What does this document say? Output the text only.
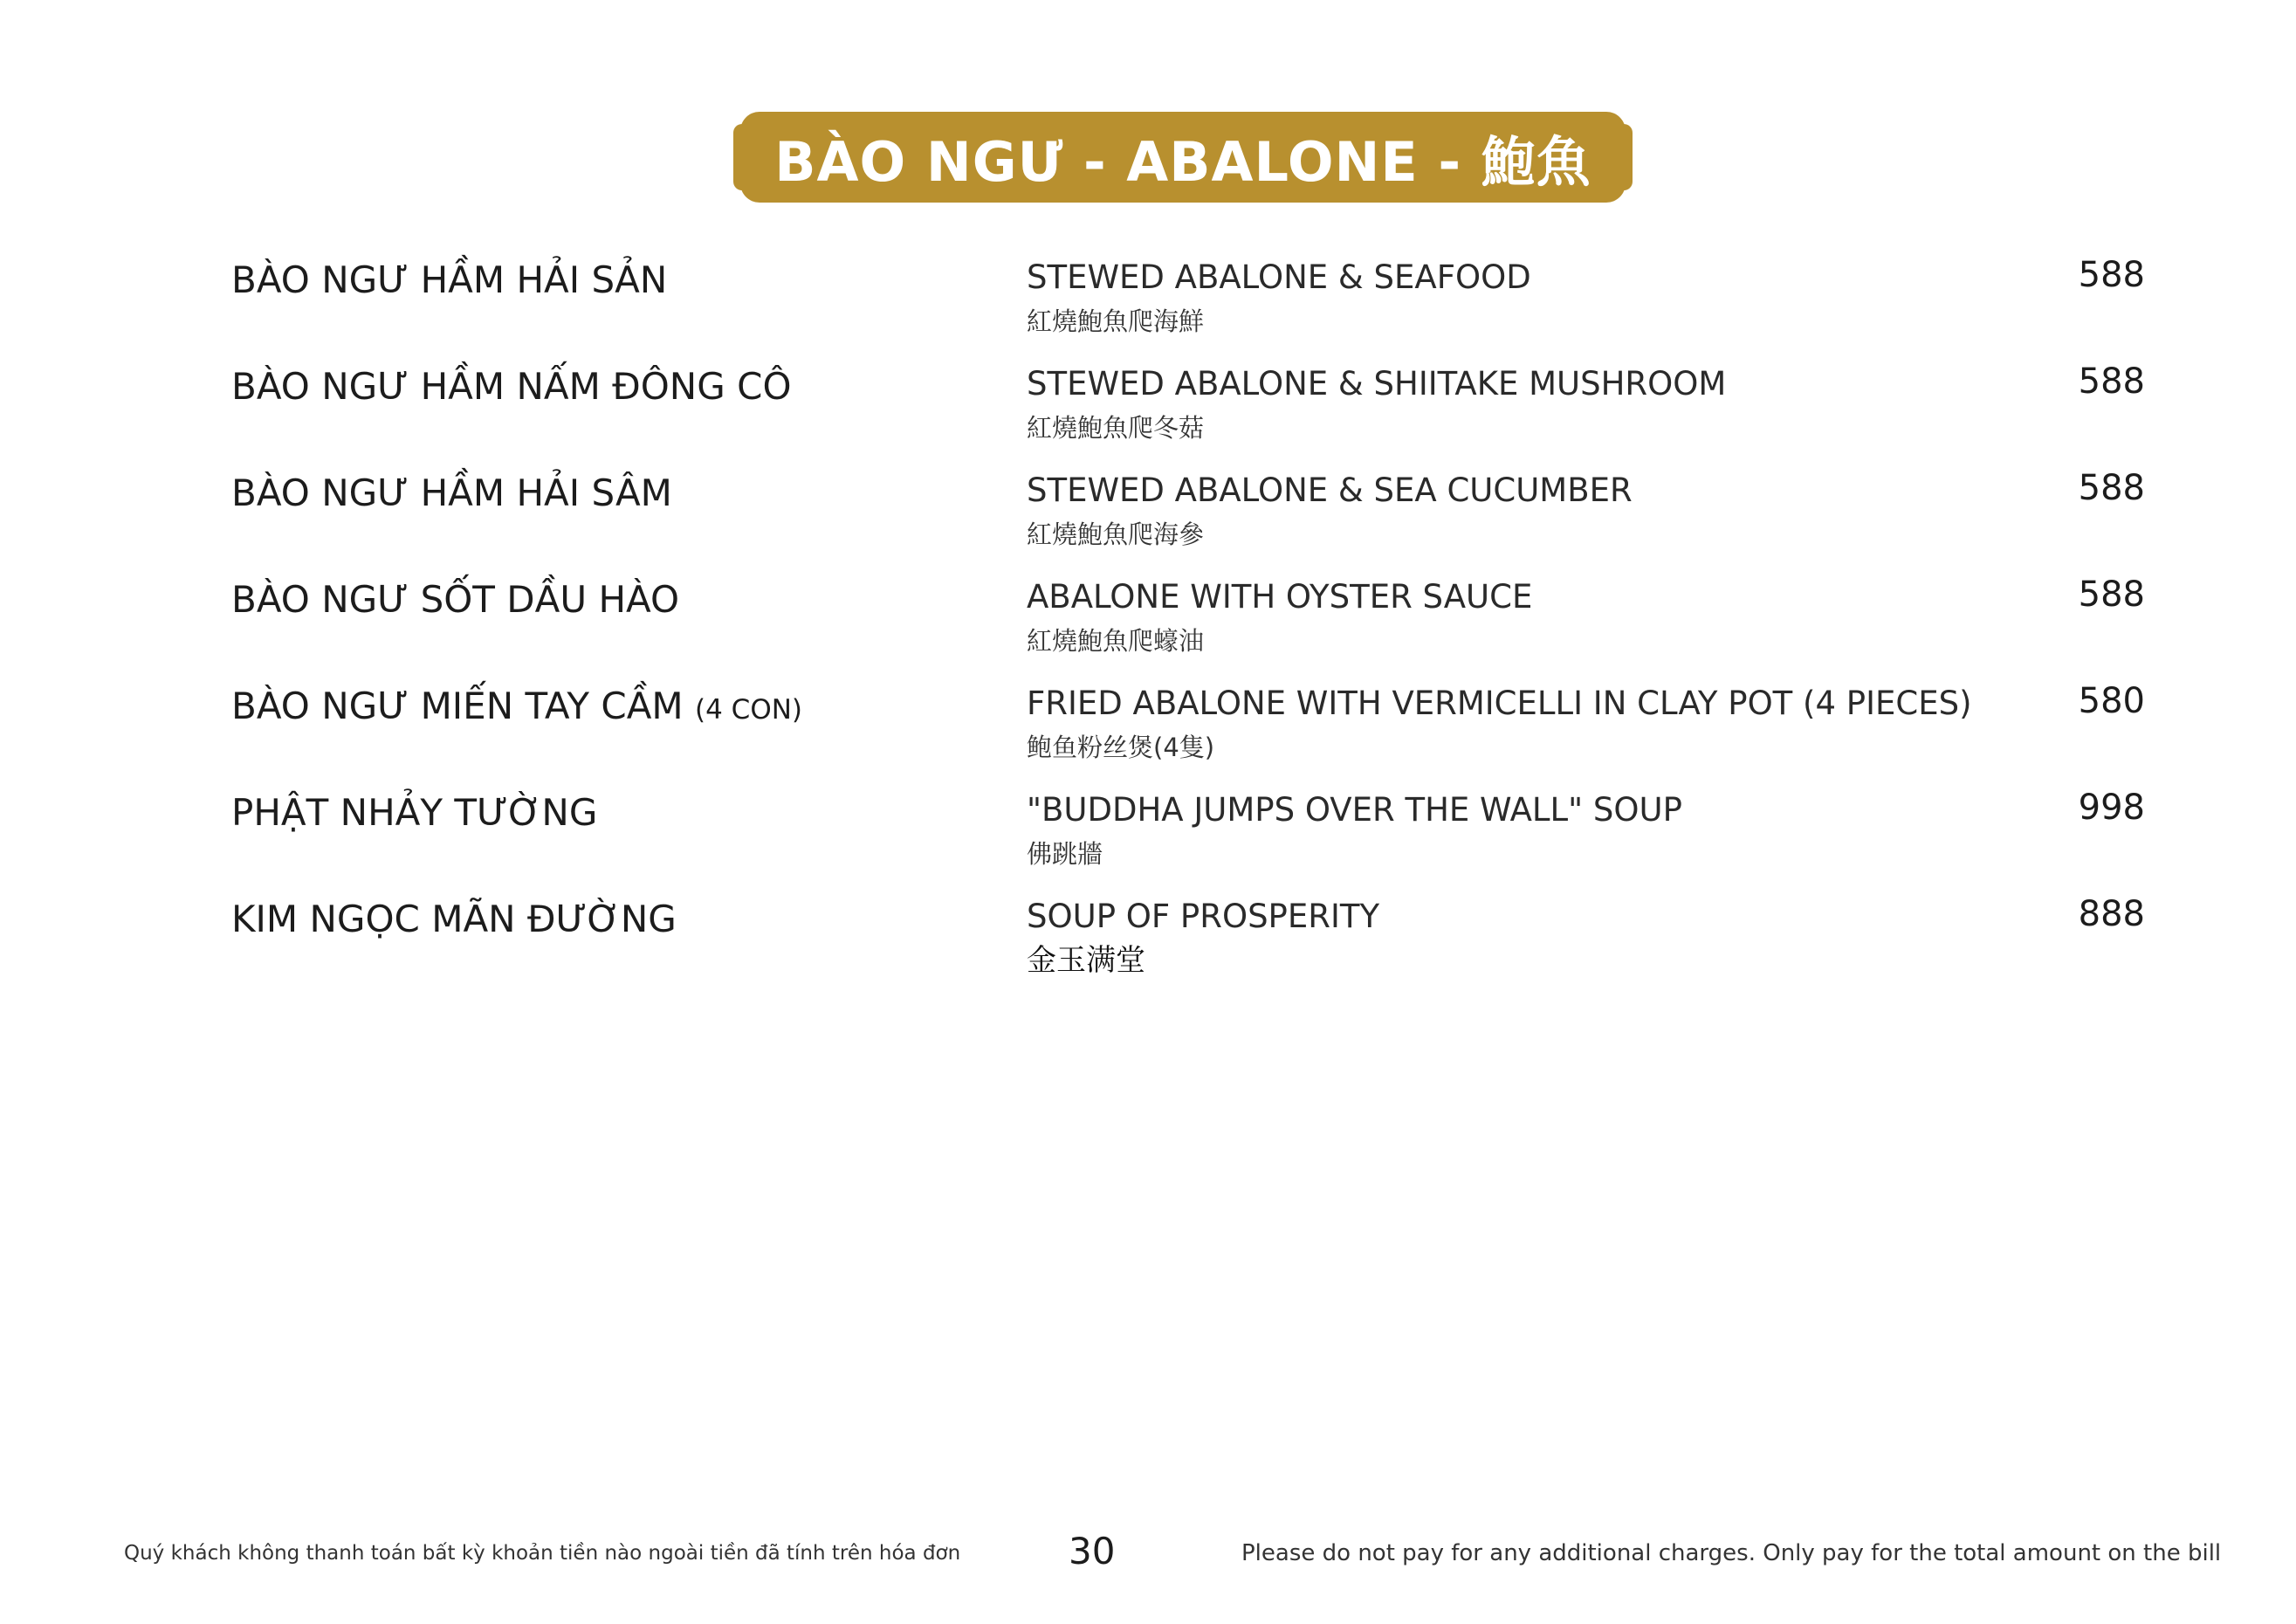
BÀO NGƯ - ABALONE - 鮑魚
BÀO NGƯ HẦM HẢI SẢN	STEWED ABALONE & SEAFOOD
紅燒鮑魚爬海鮮
588
BÀO NGƯ HẦM NẤM ĐÔNG CÔ	STEWED ABALONE & SHIITAKE MUSHROOM
紅燒鮑魚爬冬菇
588
BÀO NGƯ HẦM HẢI SÂM	STEWED ABALONE & SEA CUCUMBER
紅燒鮑魚爬海參
588
BÀO NGƯ SỐT DẦU HÀO	ABALONE WITH OYSTER SAUCE
紅燒鮑魚爬蠔油
588
BÀO NGƯ MIẾN TAY CẦM (4 CON)	FRIED ABALONE WITH VERMICELLI IN CLAY POT (4 PIECES)
鲍鱼粉丝煲(4隻)
580
PHẬT NHẢY TƯỜNG	"BUDDHA JUMPS OVER THE WALL" SOUP
佛跳牆
998
KIM NGỌC MÃN ĐƯỜNG	SOUP OF PROSPERITY
金玉满堂
888
Quý khách không thanh toán bất kỳ khoản tiền nào ngoài tiền đã tính trên hóa đơn	30	Please do not pay for any additional charges. Only pay for the total amount on the bill
